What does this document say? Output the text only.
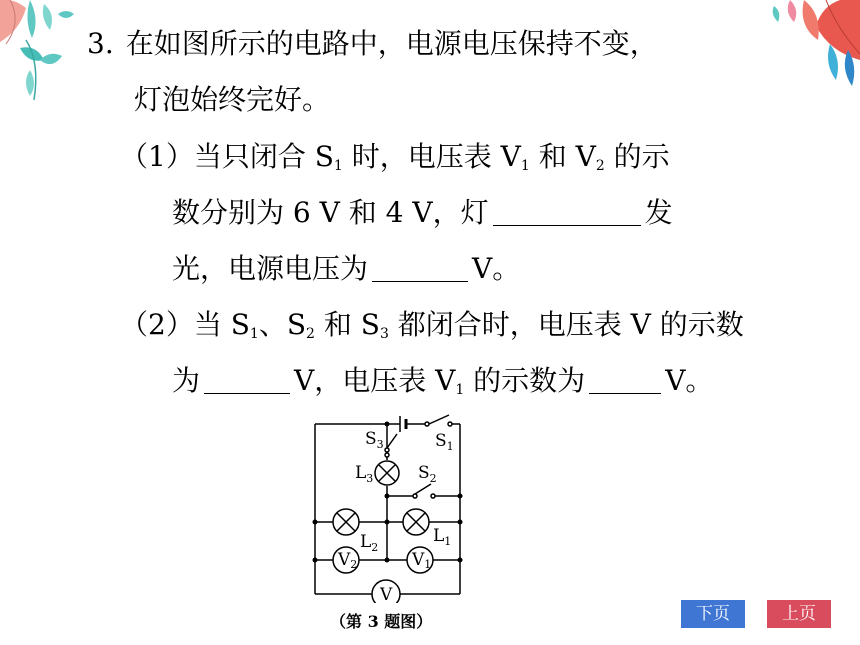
3. 在如图所示的电路中，电源电压保持不变，
灯泡始终完好。
（1）当只闭合 $S_1$ 时，电压表 $V_1$ 和 $V_2$ 的示
数分别为 6 V 和 4 V，灯	发
光，电源电压为	V。
（2）当 $S_1$、$S_2$ 和 $S_3$ 都闭合时，电压表 V 的示数
为	V，电压表 $V_1$ 的示数为	V。
$S_3$	$S_1$
$S_2$
$L_3$
$L_2$
$L_1$
V2	V1
V
（第 3 题图）	下页	上页
